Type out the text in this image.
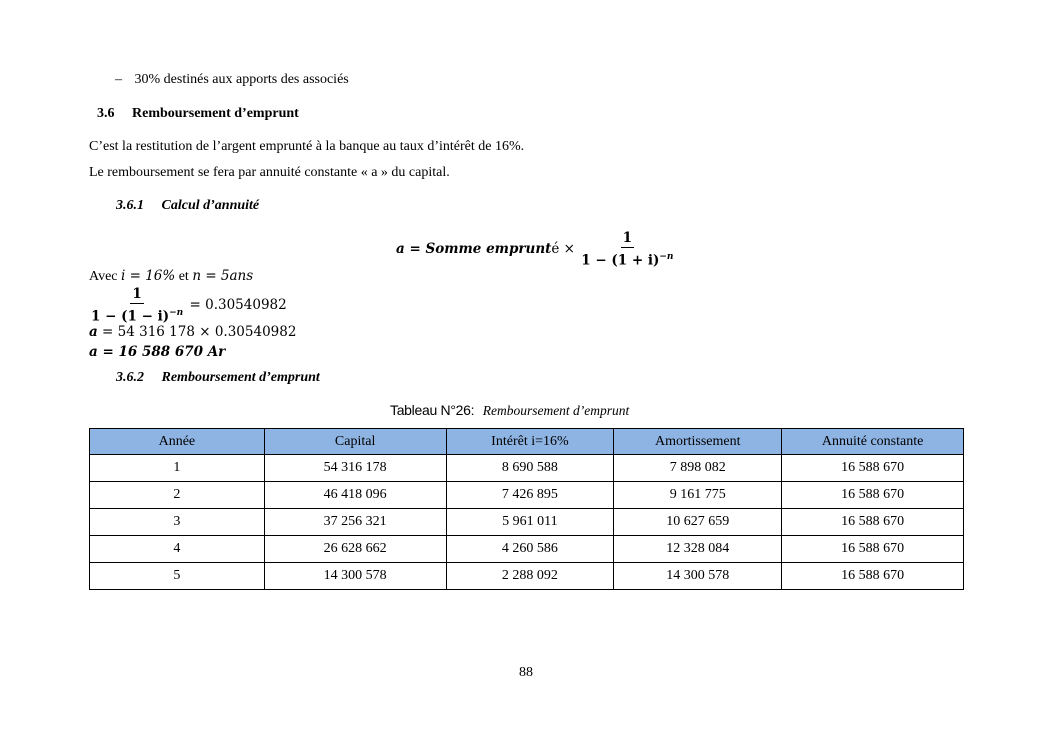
– 30% destinés aux apports des associés
3.6 Remboursement d’emprunt
C’est la restitution de l’argent emprunté à la banque au taux d’intérêt de 16%.
Le remboursement se fera par annuité constante « a » du capital.
3.6.1 Calcul d’annuité
a = Somme emprunté × $\frac{1}{1 - (1 + i)^{-n}}$
Avec i = 16% et n = 5ans
$\frac{1}{1 - (1 - i)^{-n}} = 0.30540982$
a = 54 316 178 × 0.30540982
a = 16 588 670 Ar
3.6.2 Remboursement d’emprunt
Tableau N°26: Remboursement d’emprunt
Année	Capital	Intérêt i=16%	Amortissement	Annuité constante
1	54 316 178	8 690 588	7 898 082	16 588 670
2	46 418 096	7 426 895	9 161 775	16 588 670
3	37 256 321	5 961 011	10 627 659	16 588 670
4	26 628 662	4 260 586	12 328 084	16 588 670
5	14 300 578	2 288 092	14 300 578	16 588 670
88
